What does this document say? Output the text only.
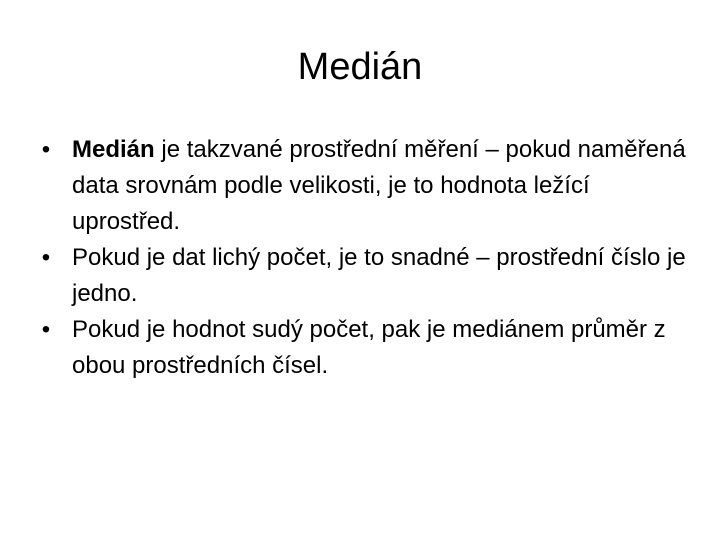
Medián
• Medián je takzvané prostřední měření – pokud naměřená data srovnám podle velikosti, je to hodnota ležící uprostřed.
• Pokud je dat lichý počet, je to snadné – prostřední číslo je jedno.
• Pokud je hodnot sudý počet, pak je mediánem průměr z obou prostředních čísel.
